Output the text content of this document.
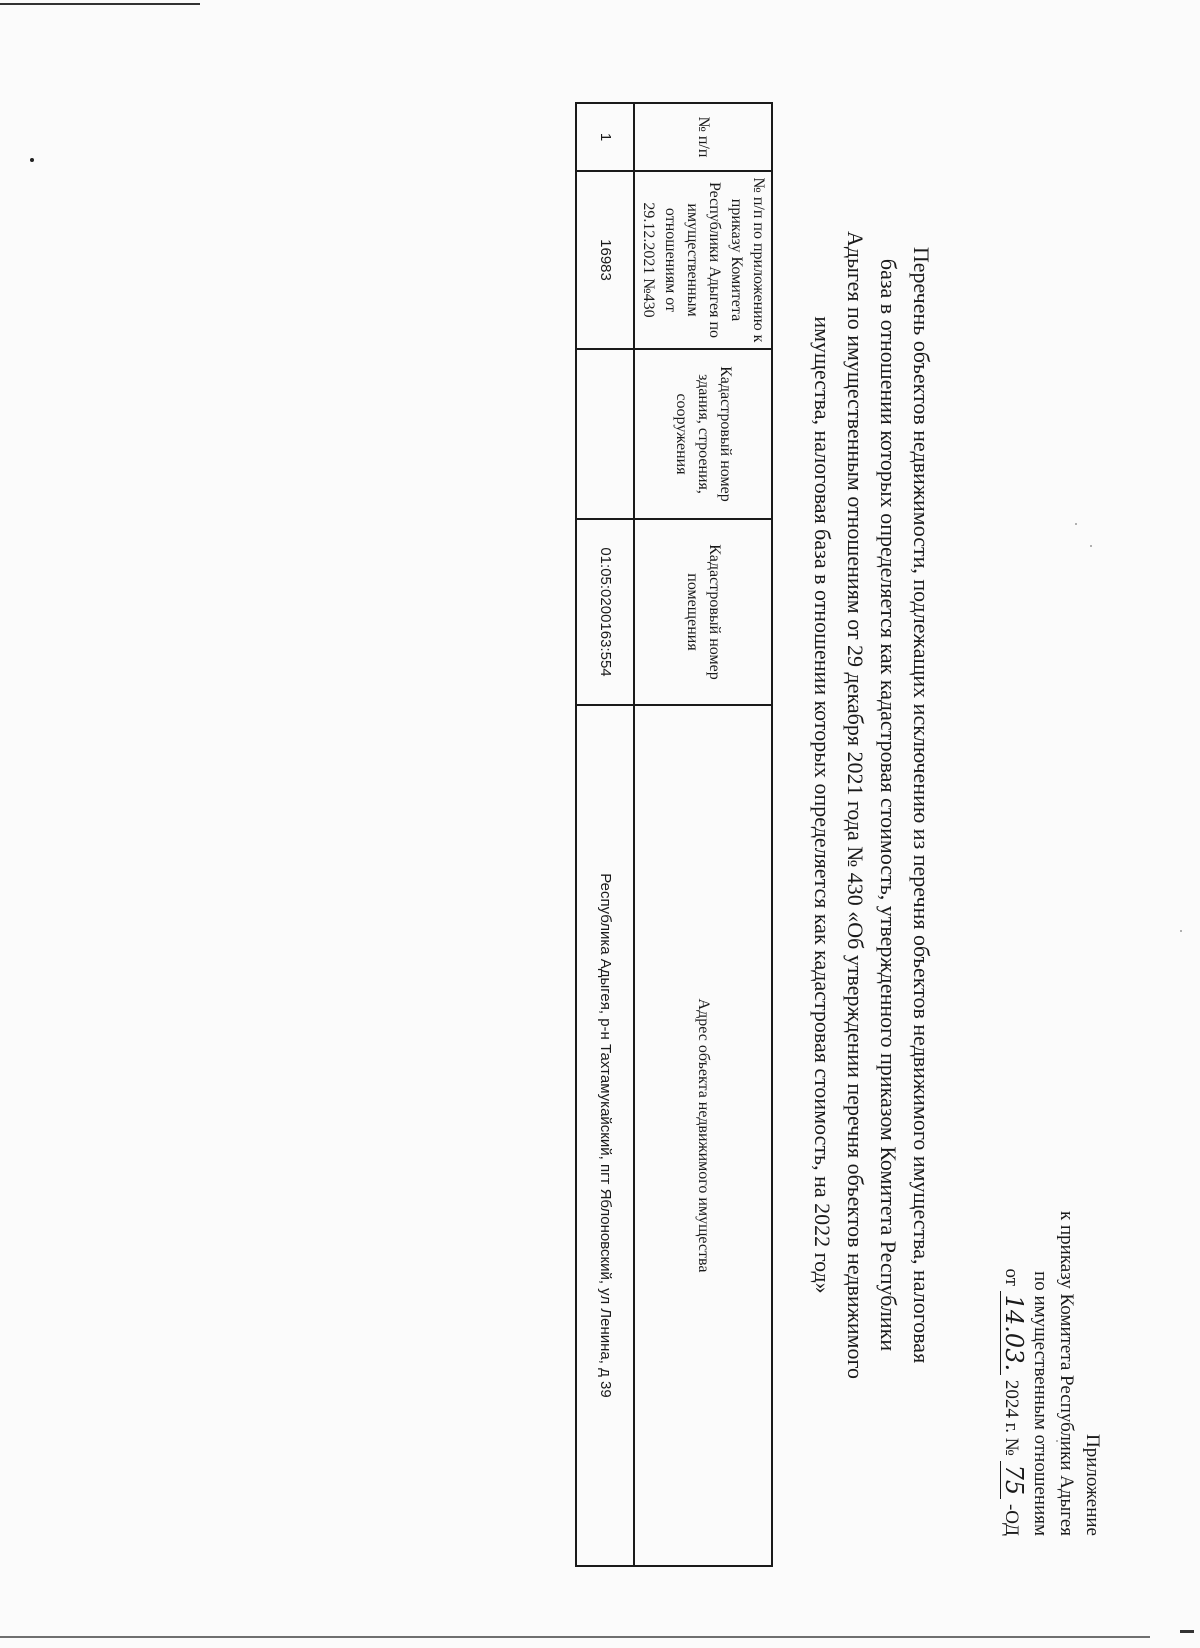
Приложение
к приказу Комитета Республики Адыгея
по имущественным отношениям
от 14.03. 2024 г. № 75 -ОД
Перечень объектов недвижимости, подлежащих исключению из перечня объектов недвижимого имущества, налоговая
база в отношении которых определяется как кадастровая стоимость, утвержденного приказом Комитета Республики
Адыгея по имущественным отношениям от 29 декабря 2021 года № 430 «Об утверждении перечня объектов недвижимого
имущества, налоговая база в отношении которых определяется как кадастровая стоимость, на 2022 год»
№ п/п	№ п/п по приложению к приказу Комитета Республики Адыгея по имущественным отношениям от 29.12.2021 №430	Кадастровый номер здания, строения, сооружения	Кадастровый номер помещения	Адрес объекта недвижимого имущества
1	16983		01:05:0200163:554	Республика Адыгея, р-н Тахтамукайский, пгт Яблоновский, ул Ленина, д 39
